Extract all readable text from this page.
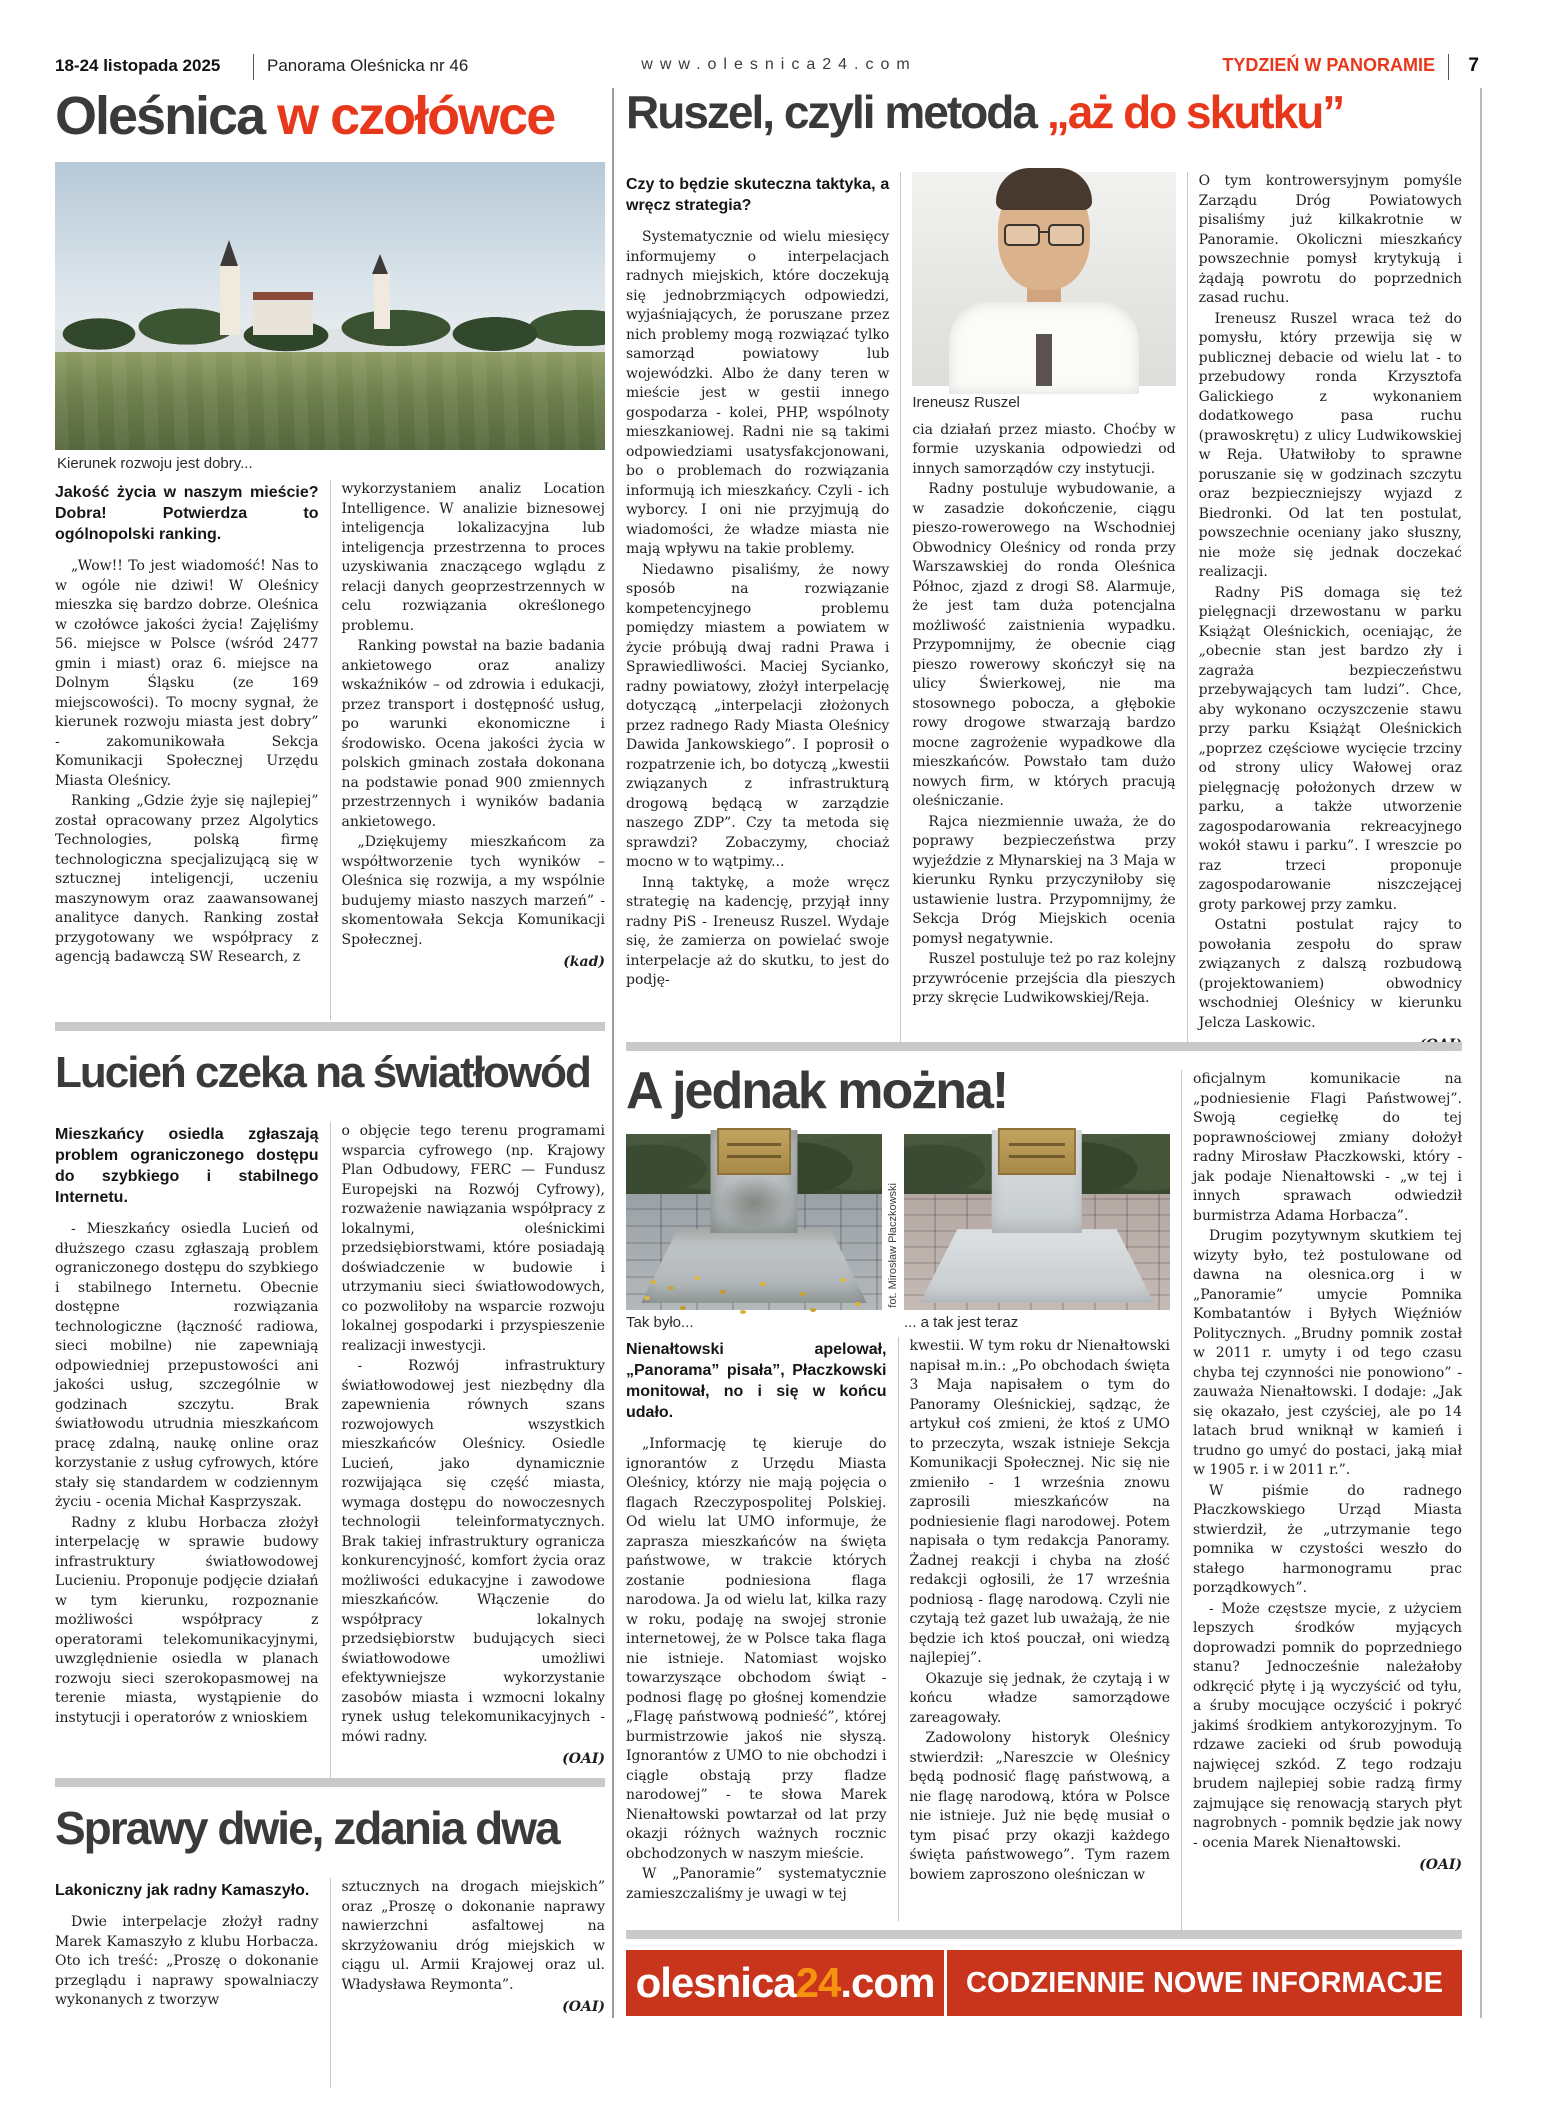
18-24 listopada 2025	Panorama Oleśnicka nr 46	www.olesnica24.com	TYDZIEŃ W PANORAMIE 7
Oleśnica w czołówce
Kierunek rozwoju jest dobry...
Jakość życia w naszym mieście? Dobra! Potwierdza to ogólnopolski ranking.

„Wow!! To jest wiadomość! Nas to w ogóle nie dziwi! W Oleśnicy mieszka się bardzo dobrze. Oleśnica w czołówce jakości życia! Zajęliśmy 56. miejsce w Polsce (wśród 2477 gmin i miast) oraz 6. miejsce na Dolnym Śląsku (ze 169 miejscowości). To mocny sygnał, że kierunek rozwoju miasta jest dobry” - zakomunikowała Sekcja Komunikacji Społecznej Urzędu Miasta Oleśnicy.

Ranking „Gdzie żyje się najlepiej” został opracowany przez Algolytics Technologies, polską firmę technologiczna specjalizującą się w sztucznej inteligencji, uczeniu maszynowym oraz zaawansowanej analityce danych. Ranking został przygotowany we współpracy z agencją badawczą SW Research, z

wykorzystaniem analiz Location Intelligence. W analizie biznesowej inteligencja lokalizacyjna lub inteligencja przestrzenna to proces uzyskiwania znaczącego wglądu z relacji danych geoprzestrzennych w celu rozwiązania określonego problemu.

Ranking powstał na bazie badania ankietowego oraz analizy wskaźników – od zdrowia i edukacji, przez transport i dostępność usług, po warunki ekonomiczne i środowisko. Ocena jakości życia w polskich gminach została dokonana na podstawie ponad 900 zmiennych przestrzennych i wyników badania ankietowego.

„Dziękujemy mieszkańcom za współtworzenie tych wyników – Oleśnica się rozwija, a my wspólnie budujemy miasto naszych marzeń” - skomentowała Sekcja Komunikacji Społecznej.

(kad)
Ruszel, czyli metoda „aż do skutku”
Czy to będzie skuteczna taktyka, a wręcz strategia?

Systematycznie od wielu miesięcy informujemy o interpelacjach radnych miejskich, które doczekują się jednobrzmiących odpowiedzi, wyjaśniających, że poruszane przez nich problemy mogą rozwiązać tylko samorząd powiatowy lub wojewódzki. Albo że dany teren w mieście jest w gestii innego gospodarza - kolei, PHP, wspólnoty mieszkaniowej. Radni nie są takimi odpowiedziami usatysfakcjonowani, bo o problemach do rozwiązania informują ich mieszkańcy. Czyli - ich wyborcy. I oni nie przyjmują do wiadomości, że władze miasta nie mają wpływu na takie problemy.

Niedawno pisaliśmy, że nowy sposób na rozwiązanie kompetencyjnego problemu pomiędzy miastem a powiatem w życie próbują dwaj radni Prawa i Sprawiedliwości. Maciej Sycianko, radny powiatowy, złożył interpelację dotyczącą „interpelacji złożonych przez radnego Rady Miasta Oleśnicy Dawida Jankowskiego”. I poprosił o rozpatrzenie ich, bo dotyczą „kwestii związanych z infrastrukturą drogową będącą w zarządzie naszego ZDP”. Czy ta metoda się sprawdzi? Zobaczymy, chociaż mocno w to wątpimy...

Inną taktykę, a może wręcz strategię na kadencję, przyjął inny radny PiS - Ireneusz Ruszel. Wydaje się, że zamierza on powielać swoje interpelacje aż do skutku, to jest do podję-

Ireneusz Ruszel

cia działań przez miasto. Choćby w formie uzyskania odpowiedzi od innych samorządów czy instytucji.

Radny postuluje wybudowanie, a w zasadzie dokończenie, ciągu pieszo-rowerowego na Wschodniej Obwodnicy Oleśnicy od ronda przy Warszawskiej do ronda Oleśnica Północ, zjazd z drogi S8. Alarmuje, że jest tam duża potencjalna możliwość zaistnienia wypadku. Przypomnijmy, że obecnie ciąg pieszo rowerowy skończył się na ulicy Świerkowej, nie ma stosownego pobocza, a głębokie rowy drogowe stwarzają bardzo mocne zagrożenie wypadkowe dla mieszkańców. Powstało tam dużo nowych firm, w których pracują oleśniczanie.

Rajca niezmiennie uważa, że do poprawy bezpieczeństwa przy wyjeździe z Młynarskiej na 3 Maja w kierunku Rynku przyczyniłoby się ustawienie lustra. Przypomnijmy, że Sekcja Dróg Miejskich ocenia pomysł negatywnie.

Ruszel postuluje też po raz kolejny przywrócenie przejścia dla pieszych przy skręcie Ludwikowskiej/Reja.

O tym kontrowersyjnym pomyśle Zarządu Dróg Powiatowych pisaliśmy już kilkakrotnie w Panoramie. Okoliczni mieszkańcy powszechnie pomysł krytykują i żądają powrotu do poprzednich zasad ruchu.

Ireneusz Ruszel wraca też do pomysłu, który przewija się w publicznej debacie od wielu lat - to przebudowy ronda Krzysztofa Galickiego z wykonaniem dodatkowego pasa ruchu (prawoskrętu) z ulicy Ludwikowskiej w Reja. Ułatwiłoby to sprawne poruszanie się w godzinach szczytu oraz bezpieczniejszy wyjazd z Biedronki. Od lat ten postulat, powszechnie oceniany jako słuszny, nie może się jednak doczekać realizacji.

Radny PiS domaga się też pielęgnacji drzewostanu w parku Książąt Oleśnickich, oceniając, że „obecnie stan jest bardzo zły i zagraża bezpieczeństwu przebywających tam ludzi”. Chce, aby wykonano oczyszczenie stawu przy parku Książąt Oleśnickich „poprzez częściowe wycięcie trzciny od strony ulicy Wałowej oraz pielęgnację położonych drzew w parku, a także utworzenie zagospodarowania rekreacyjnego wokół stawu i parku”. I wreszcie po raz trzeci proponuje zagospodarowanie niszczejącej groty parkowej przy zamku.

Ostatni postulat rajcy to powołania zespołu do spraw związanych z dalszą rozbudową (projektowaniem) obwodnicy wschodniej Oleśnicy w kierunku Jelcza Laskowic.

Lucień czeka na światłowód
Mieszkańcy osiedla zgłaszają problem ograniczonego dostępu do szybkiego i stabilnego Internetu.

- Mieszkańcy osiedla Lucień od dłuższego czasu zgłaszają problem ograniczonego dostępu do szybkiego i stabilnego Internetu. Obecnie dostępne rozwiązania technologiczne (łączność radiowa, sieci mobilne) nie zapewniają odpowiedniej przepustowości ani jakości usług, szczególnie w godzinach szczytu. Brak światłowodu utrudnia mieszkańcom pracę zdalną, naukę online oraz korzystanie z usług cyfrowych, które stały się standardem w codziennym życiu - ocenia Michał Kasprzyszak.

Radny z klubu Horbacza złożył interpelację w sprawie budowy infrastruktury światłowodowej Lucieniu. Proponuje podjęcie działań w tym kierunku, rozpoznanie możliwości współpracy z operatorami telekomunikacyjnymi, uwzględnienie osiedla w planach rozwoju sieci szerokopasmowej na terenie miasta, wystąpienie do instytucji i operatorów z wnioskiem

o objęcie tego terenu programami wsparcia cyfrowego (np. Krajowy Plan Odbudowy, FERC — Fundusz Europejski na Rozwój Cyfrowy), rozważenie nawiązania współpracy z lokalnymi, oleśnickimi przedsiębiorstwami, które posiadają doświadczenie w budowie i utrzymaniu sieci światłowodowych, co pozwoliłoby na wsparcie rozwoju lokalnej gospodarki i przyspieszenie realizacji inwestycji.

- Rozwój infrastruktury światłowodowej jest niezbędny dla zapewnienia równych szans rozwojowych wszystkich mieszkańców Oleśnicy. Osiedle Lucień, jako dynamicznie rozwijająca się część miasta, wymaga dostępu do nowoczesnych technologii teleinformatycznych. Brak takiej infrastruktury ogranicza konkurencyjność, komfort życia oraz możliwości edukacyjne i zawodowe mieszkańców. Włączenie do współpracy lokalnych przedsiębiorstw budujących sieci światłowodowe umożliwi efektywniejsze wykorzystanie zasobów miasta i wzmocni lokalny rynek usług telekomunikacyjnych - mówi radny.

(OAI)
A jednak można!
fot. Mirosław Płaczkowski
Tak było...	... a tak jest teraz
Nienałtowski apelował, „Panorama” pisała”, Płaczkowski monitował, no i się w końcu udało.

„Informację tę kieruje do ignorantów z Urzędu Miasta Oleśnicy, którzy nie mają pojęcia o flagach Rzeczypospolitej Polskiej. Od wielu lat UMO informuje, że zaprasza mieszkańców na święta państwowe, w trakcie których zostanie podniesiona flaga narodowa. Ja od wielu lat, kilka razy w roku, podaję na swojej stronie internetowej, że w Polsce taka flaga nie istnieje. Natomiast wojsko towarzyszące obchodom świąt - podnosi flagę po głośnej komendzie „Flagę państwową podnieść”, której burmistrzowie jakoś nie słyszą. Ignorantów z UMO to nie obchodzi i ciągle obstają przy fladze narodowej” - te słowa Marek Nienałtowski powtarzał od lat przy okazji różnych ważnych rocznic obchodzonych w naszym mieście.

W „Panoramie” systematycznie zamieszczaliśmy je uwagi w tej

kwestii. W tym roku dr Nienałtowski napisał m.in.: „Po obchodach święta 3 Maja napisałem o tym do Panoramy Oleśnickiej, sądząc, że artykuł coś zmieni, że ktoś z UMO to przeczyta, wszak istnieje Sekcja Komunikacji Społecznej. Nic się nie zmieniło - 1 września znowu zaprosili mieszkańców na podniesienie flagi narodowej. Potem napisała o tym redakcja Panoramy. Żadnej reakcji i chyba na złość redakcji ogłosili, że 17 września podniosą - flagę narodową. Czyli nie czytają też gazet lub uważają, że nie będzie ich ktoś pouczał, oni wiedzą najlepiej”.

Okazuje się jednak, że czytają i w końcu władze samorządowe zareagowały.

Zadowolony historyk Oleśnicy stwierdził: „Nareszcie w Oleśnicy będą podnosić flagę państwową, a nie flagę narodową, która w Polsce nie istnieje. Już nie będę musiał o tym pisać przy okazji każdego święta państwowego”. Tym razem bowiem zaproszono oleśniczan w

oficjalnym komunikacie na „podniesienie Flagi Państwowej”. Swoją cegiełkę do tej poprawnościowej zmiany dołożył radny Mirosław Płaczkowski, który - jak podaje Nienałtowski - „w tej i innych sprawach odwiedził burmistrza Adama Horbacza”.

Drugim pozytywnym skutkiem tej wizyty było, też postulowane od dawna na olesnica.org i w „Panoramie” umycie Pomnika Kombatantów i Byłych Więźniów Politycznych. „Brudny pomnik został w 2011 r. umyty i od tego czasu chyba tej czynności nie ponowiono” - zauważa Nienałtowski. I dodaje: „Jak się okazało, jest czyściej, ale po 14 latach brud wniknął w kamień i trudno go umyć do postaci, jaką miał w 1905 r. i w 2011 r.”.

W piśmie do radnego Płaczkowskiego Urząd Miasta stwierdził, że „utrzymanie tego pomnika w czystości weszło do stałego harmonogramu prac porządkowych”.

- Może częstsze mycie, z użyciem lepszych środków myjących doprowadzi pomnik do poprzedniego stanu? Jednocześnie należałoby odkręcić płytę i ją wyczyścić od tyłu, a śruby mocujące oczyścić i pokryć jakimś środkiem antykorozyjnym. To rdzawe zacieki od śrub powodują najwięcej szkód. Z tego rodzaju brudem najlepiej sobie radzą firmy zajmujące się renowacją starych płyt nagrobnych - pomnik będzie jak nowy - ocenia Marek Nienałtowski.

(OAI)
Sprawy dwie, zdania dwa
Lakoniczny jak radny Kamaszyło.

Dwie interpelacje złożył radny Marek Kamaszyło z klubu Horbacza. Oto ich treść: „Proszę o dokonanie przeglądu i naprawy spowalniaczy wykonanych z tworzyw

sztucznych na drogach miejskich” oraz „Proszę o dokonanie naprawy nawierzchni asfaltowej na skrzyżowaniu dróg miejskich w ciągu ul. Armii Krajowej oraz ul. Władysława Reymonta”.

(OAI)
olesnica 24 .com	CODZIENNIE NOWE INFORMACJE
